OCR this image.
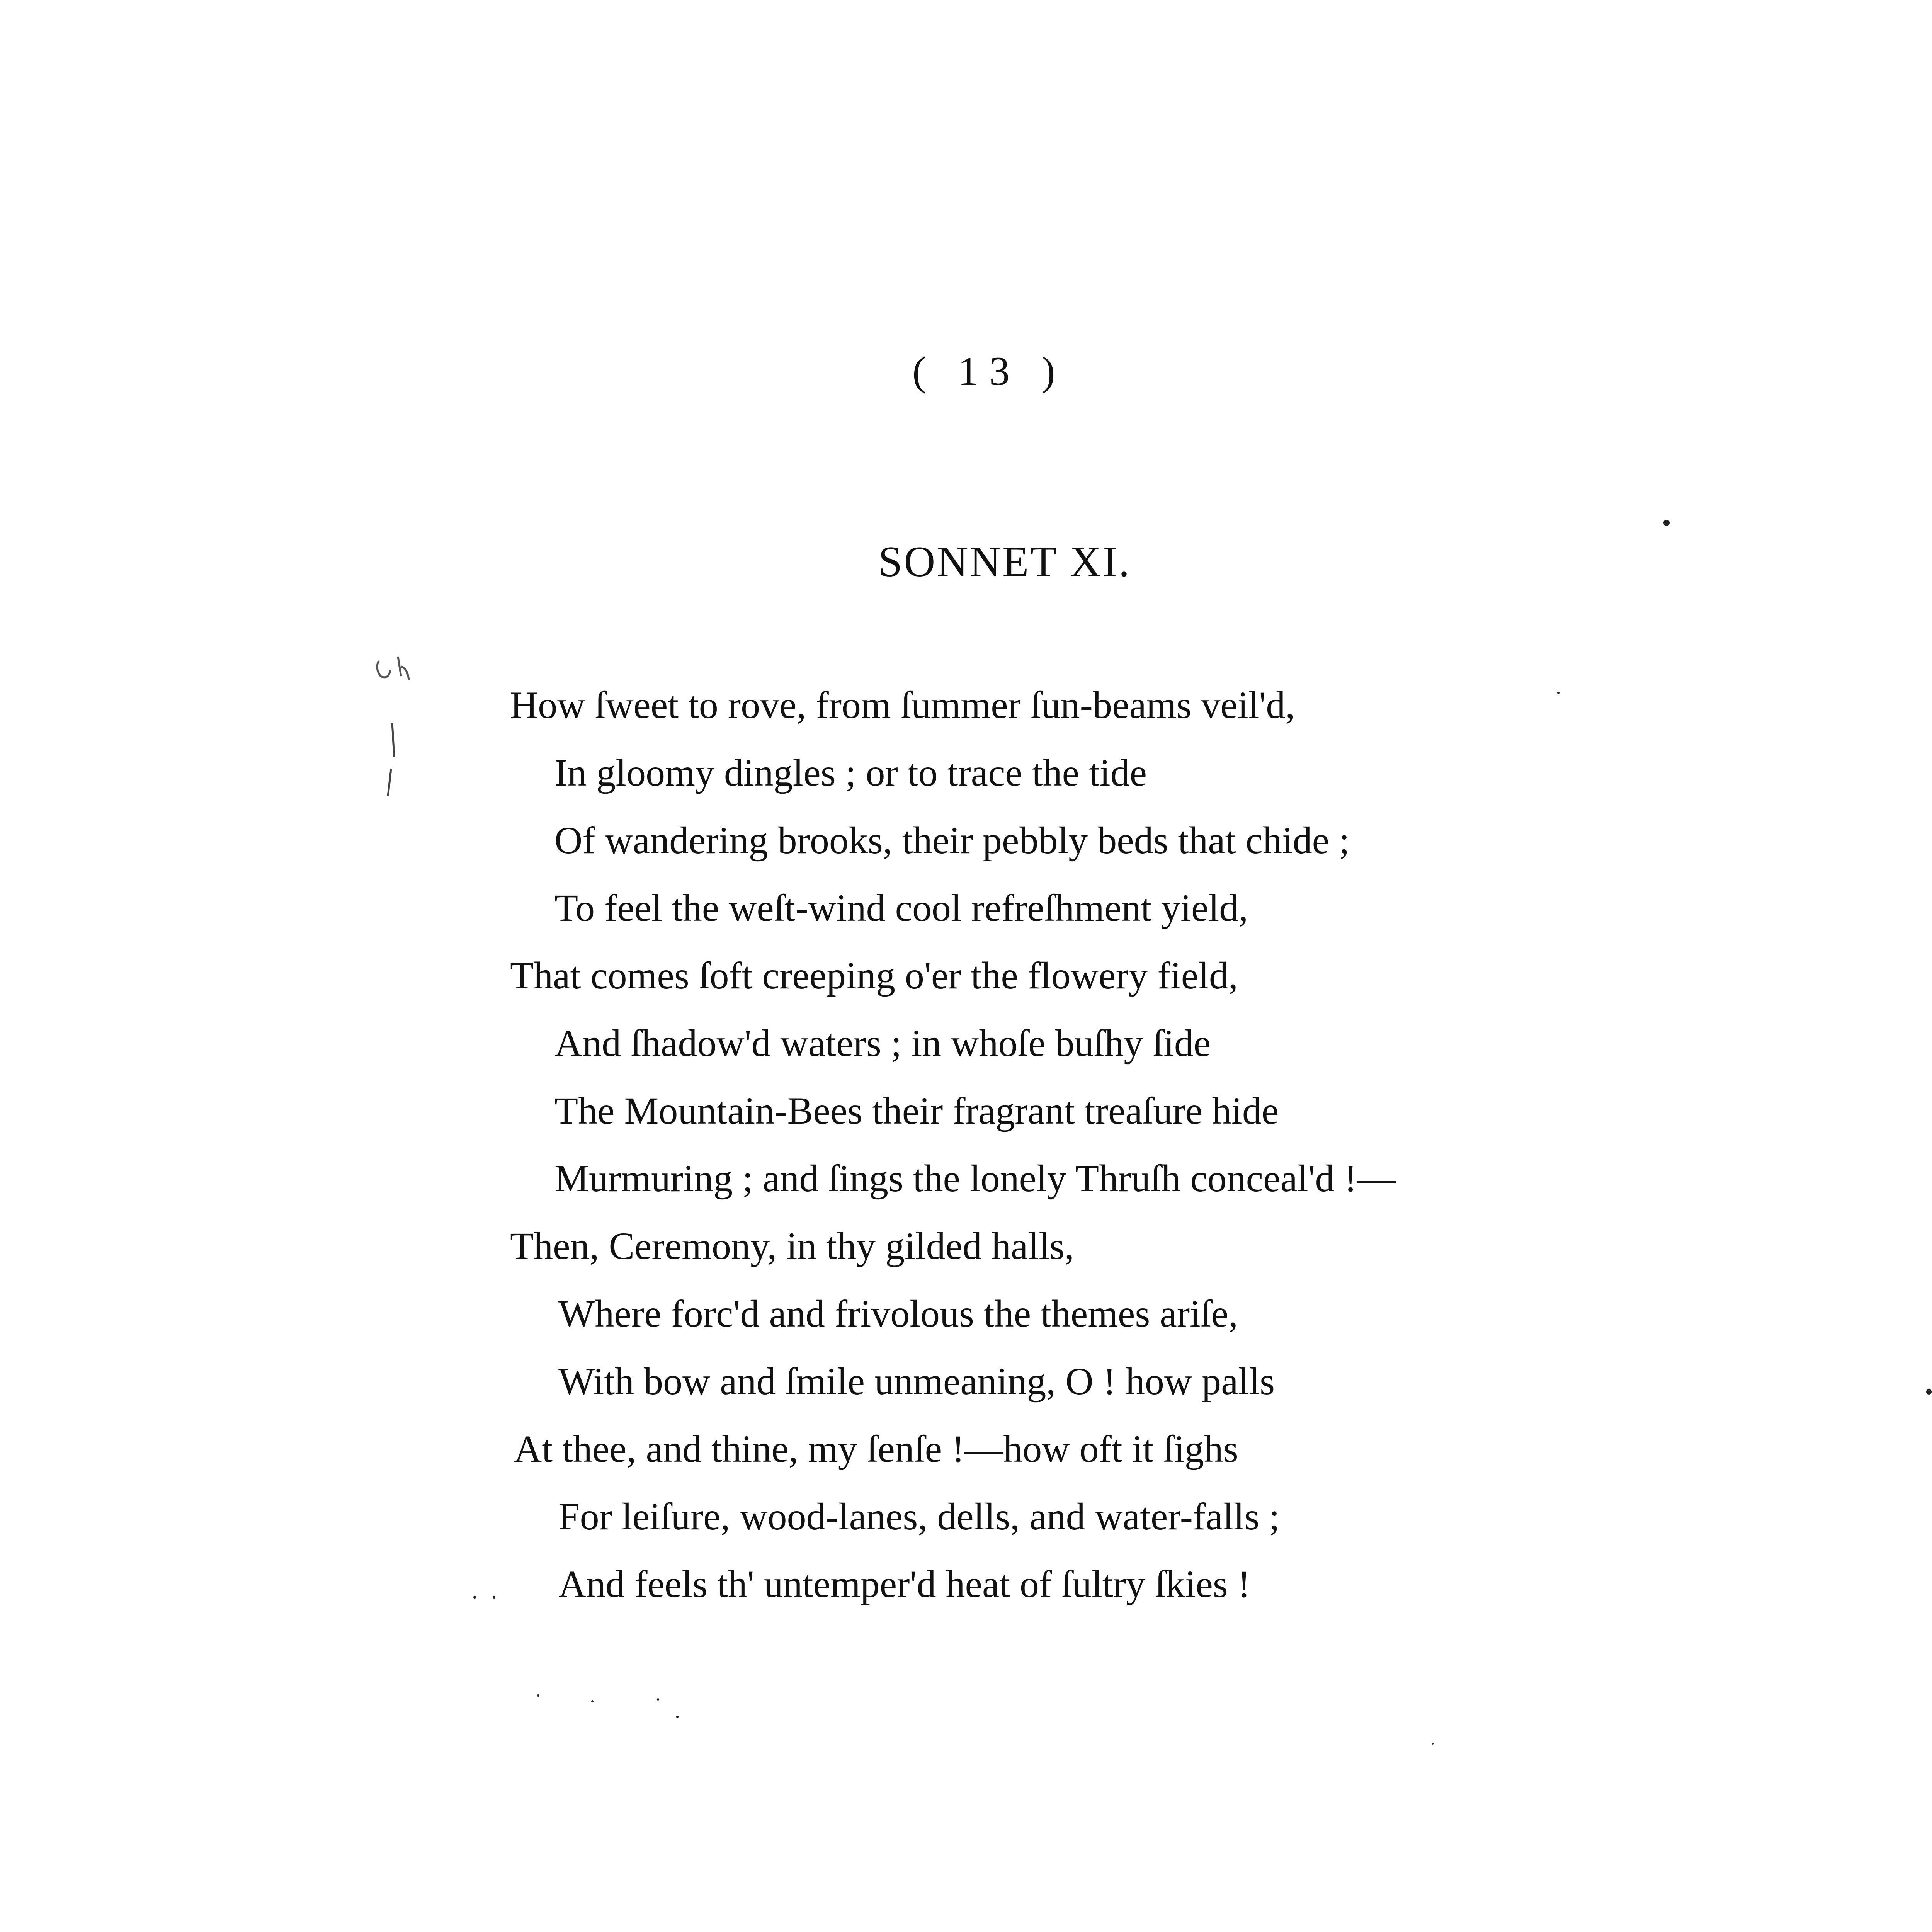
( 13 )
SONNET XI.
How ſweet to rove, from ſummer ſun-beams veil'd,
In gloomy dingles ; or to trace the tide
Of wandering brooks, their pebbly beds that chide ;
To feel the weſt-wind cool refreſhment yield,
That comes ſoft creeping o'er the flowery field,
And ſhadow'd waters ; in whoſe buſhy ſide
The Mountain-Bees their fragrant treaſure hide
Murmuring ; and ſings the lonely Thruſh conceal'd !—
Then, Ceremony, in thy gilded halls,
Where forc'd and frivolous the themes ariſe,
With bow and ſmile unmeaning, O ! how palls
At thee, and thine, my ſenſe !—how oft it ſighs
For leiſure, wood-lanes, dells, and water-falls ;
And feels th' untemper'd heat of ſultry ſkies !
